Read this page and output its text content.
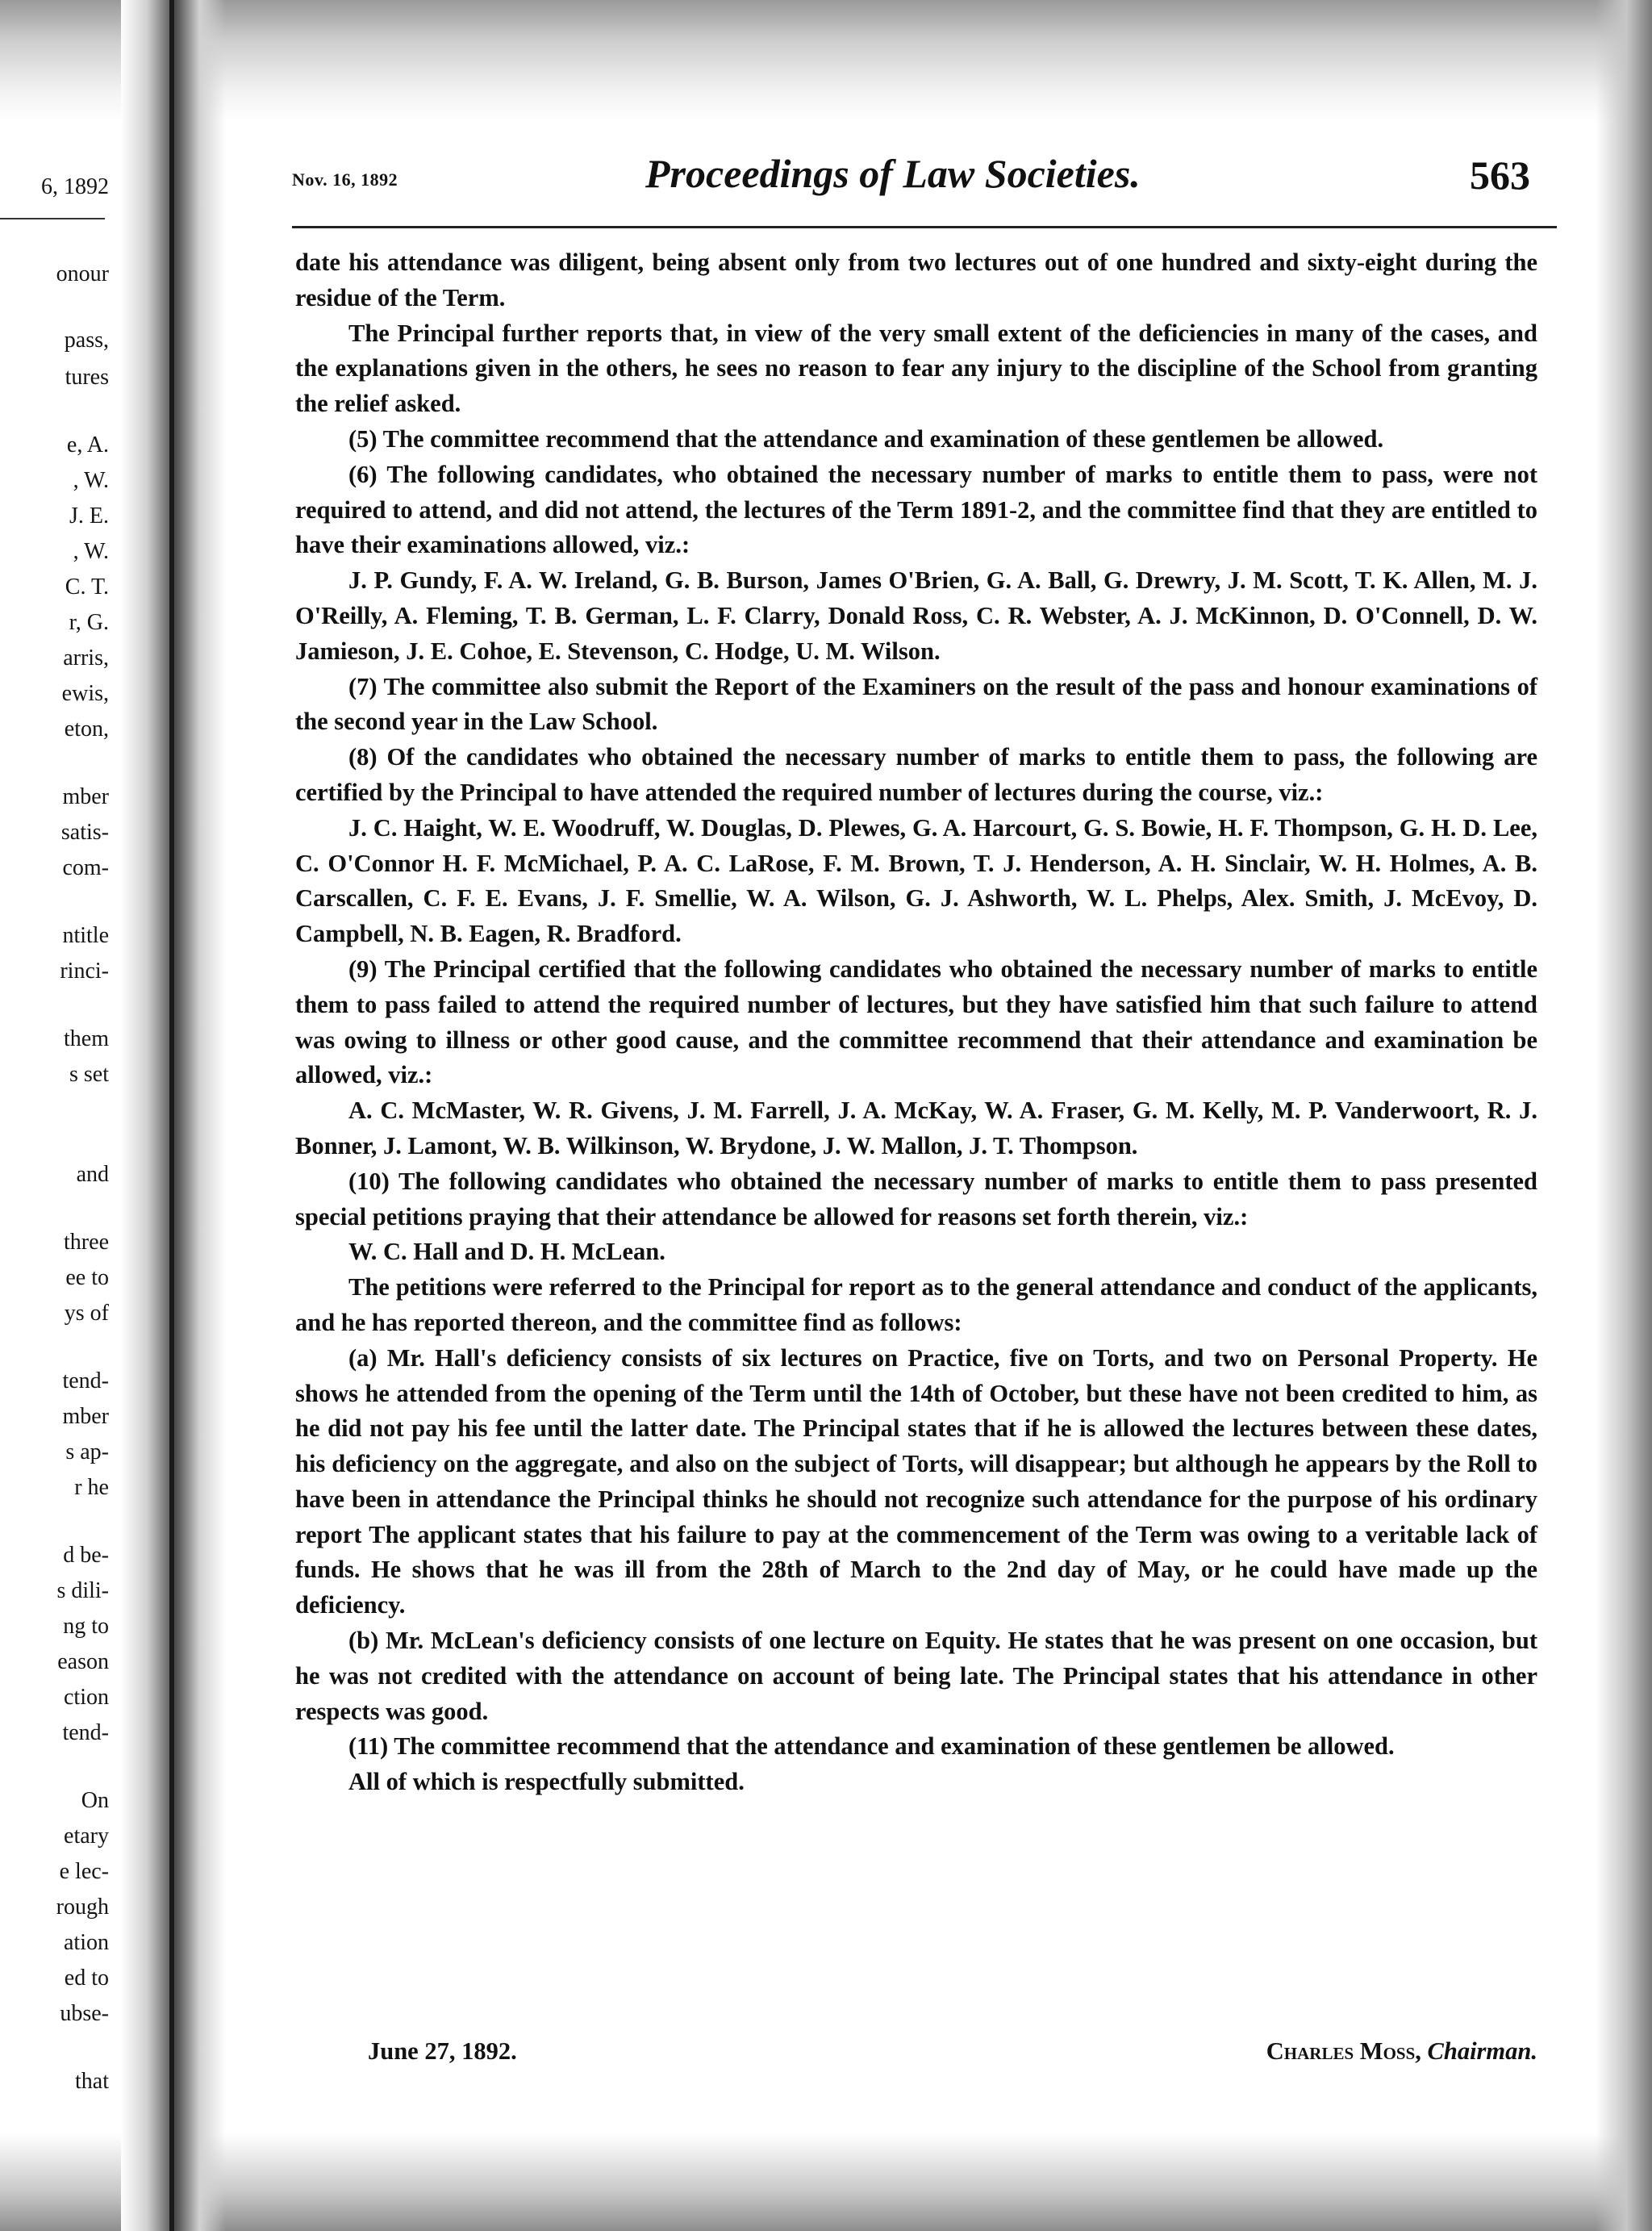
6, 1892
onour
pass,
tures
e, A.
, W.
J. E.
, W.
C. T.
r, G.
arris,
ewis,
eton,
mber
satis-
com-
ntitle
rinci-
them
s set
and
three
ee to
ys of
tend-
mber
s ap-
r he
d be-
s dili-
ng to
eason
ction
tend-
On
etary
e lec-
rough
ation
ed to
ubse-
that
Nov. 16, 1892	Proceedings of Law Societies.	563

date his attendance was diligent, being absent only from two lectures out of one hundred and sixty-eight during the residue of the Term.

The Principal further reports that, in view of the very small extent of the deficiencies in many of the cases, and the explanations given in the others, he sees no reason to fear any injury to the discipline of the School from granting the relief asked.

(5) The committee recommend that the attendance and examination of these gentlemen be allowed.

(6) The following candidates, who obtained the necessary number of marks to entitle them to pass, were not required to attend, and did not attend, the lectures of the Term 1891-2, and the committee find that they are entitled to have their examinations allowed, viz.:

J. P. Gundy, F. A. W. Ireland, G. B. Burson, James O'Brien, G. A. Ball, G. Drewry, J. M. Scott, T. K. Allen, M. J. O'Reilly, A. Fleming, T. B. German, L. F. Clarry, Donald Ross, C. R. Webster, A. J. McKinnon, D. O'Connell, D. W. Jamieson, J. E. Cohoe, E. Stevenson, C. Hodge, U. M. Wilson.

(7) The committee also submit the Report of the Examiners on the result of the pass and honour examinations of the second year in the Law School.

(8) Of the candidates who obtained the necessary number of marks to entitle them to pass, the following are certified by the Principal to have attended the required number of lectures during the course, viz.:

J. C. Haight, W. E. Woodruff, W. Douglas, D. Plewes, G. A. Harcourt, G. S. Bowie, H. F. Thompson, G. H. D. Lee, C. O'Connor H. F. McMichael, P. A. C. LaRose, F. M. Brown, T. J. Henderson, A. H. Sinclair, W. H. Holmes, A. B. Carscallen, C. F. E. Evans, J. F. Smellie, W. A. Wilson, G. J. Ashworth, W. L. Phelps, Alex. Smith, J. McEvoy, D. Campbell, N. B. Eagen, R. Bradford.

(9) The Principal certified that the following candidates who obtained the necessary number of marks to entitle them to pass failed to attend the required number of lectures, but they have satisfied him that such failure to attend was owing to illness or other good cause, and the committee recommend that their attendance and examination be allowed, viz.:

A. C. McMaster, W. R. Givens, J. M. Farrell, J. A. McKay, W. A. Fraser, G. M. Kelly, M. P. Vanderwoort, R. J. Bonner, J. Lamont, W. B. Wilkinson, W. Brydone, J. W. Mallon, J. T. Thompson.

(10) The following candidates who obtained the necessary number of marks to entitle them to pass presented special petitions praying that their attendance be allowed for reasons set forth therein, viz.:

W. C. Hall and D. H. McLean.

The petitions were referred to the Principal for report as to the general attendance and conduct of the applicants, and he has reported thereon, and the committee find as follows:

(a) Mr. Hall's deficiency consists of six lectures on Practice, five on Torts, and two on Personal Property. He shows he attended from the opening of the Term until the 14th of October, but these have not been credited to him, as he did not pay his fee until the latter date. The Principal states that if he is allowed the lectures between these dates, his deficiency on the aggregate, and also on the subject of Torts, will disappear; but although he appears by the Roll to have been in attendance the Principal thinks he should not recognize such attendance for the purpose of his ordinary report The applicant states that his failure to pay at the commencement of the Term was owing to a veritable lack of funds. He shows that he was ill from the 28th of March to the 2nd day of May, or he could have made up the deficiency.

(b) Mr. McLean's deficiency consists of one lecture on Equity. He states that he was present on one occasion, but he was not credited with the attendance on account of being late. The Principal states that his attendance in other respects was good.

(11) The committee recommend that the attendance and examination of these gentlemen be allowed.

All of which is respectfully submitted.

June 27, 1892.	Charles Moss, Chairman.
